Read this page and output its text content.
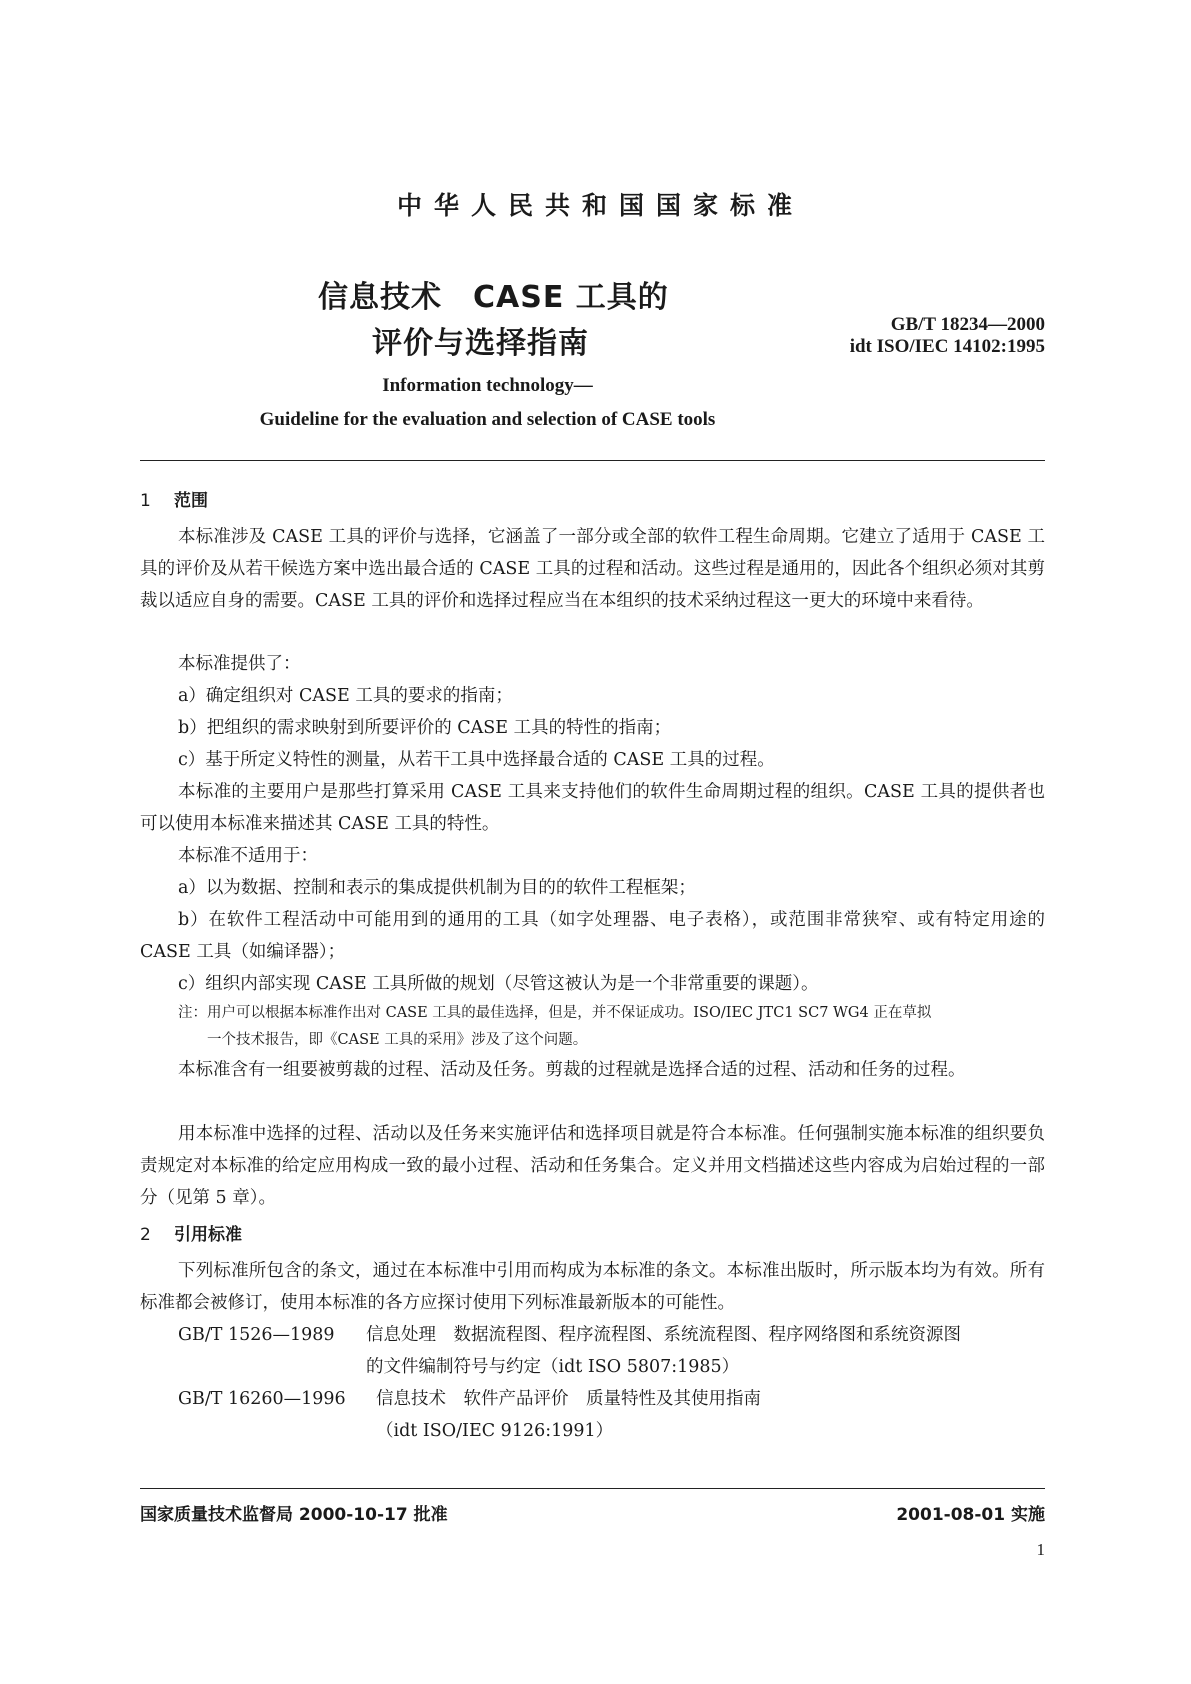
中华人民共和国国家标准
信息技术　CASE 工具的
评价与选择指南
GB/T 18234—2000
idt ISO/IEC 14102:1995
Information technology—
Guideline for the evaluation and selection of CASE tools
1 范围
本标准涉及 CASE 工具的评价与选择，它涵盖了一部分或全部的软件工程生命周期。它建立了适用于 CASE 工具的评价及从若干候选方案中选出最合适的 CASE 工具的过程和活动。这些过程是通用的，因此各个组织必须对其剪裁以适应自身的需要。CASE 工具的评价和选择过程应当在本组织的技术采纳过程这一更大的环境中来看待。
本标准提供了：
a）确定组织对 CASE 工具的要求的指南；
b）把组织的需求映射到所要评价的 CASE 工具的特性的指南；
c）基于所定义特性的测量，从若干工具中选择最合适的 CASE 工具的过程。
本标准的主要用户是那些打算采用 CASE 工具来支持他们的软件生命周期过程的组织。CASE 工具的提供者也可以使用本标准来描述其 CASE 工具的特性。
本标准不适用于：
a）以为数据、控制和表示的集成提供机制为目的的软件工程框架；
b）在软件工程活动中可能用到的通用的工具（如字处理器、电子表格），或范围非常狭窄、或有特定用途的 CASE 工具（如编译器）；
c）组织内部实现 CASE 工具所做的规划（尽管这被认为是一个非常重要的课题）。
注：用户可以根据本标准作出对 CASE 工具的最佳选择，但是，并不保证成功。ISO/IEC JTC1 SC7 WG4 正在草拟
一个技术报告，即《CASE 工具的采用》涉及了这个问题。
本标准含有一组要被剪裁的过程、活动及任务。剪裁的过程就是选择合适的过程、活动和任务的过程。
用本标准中选择的过程、活动以及任务来实施评估和选择项目就是符合本标准。任何强制实施本标准的组织要负责规定对本标准的给定应用构成一致的最小过程、活动和任务集合。定义并用文档描述这些内容成为启始过程的一部分（见第 5 章）。
2 引用标准
下列标准所包含的条文，通过在本标准中引用而构成为本标准的条文。本标准出版时，所示版本均为有效。所有标准都会被修订，使用本标准的各方应探讨使用下列标准最新版本的可能性。
GB/T 1526—1989 信息处理　数据流程图、程序流程图、系统流程图、程序网络图和系统资源图
的文件编制符号与约定（idt ISO 5807:1985）
GB/T 16260—1996 信息技术　软件产品评价　质量特性及其使用指南
（idt ISO/IEC 9126:1991）
国家质量技术监督局 2000-10-17 批准	2001-08-01 实施
1
